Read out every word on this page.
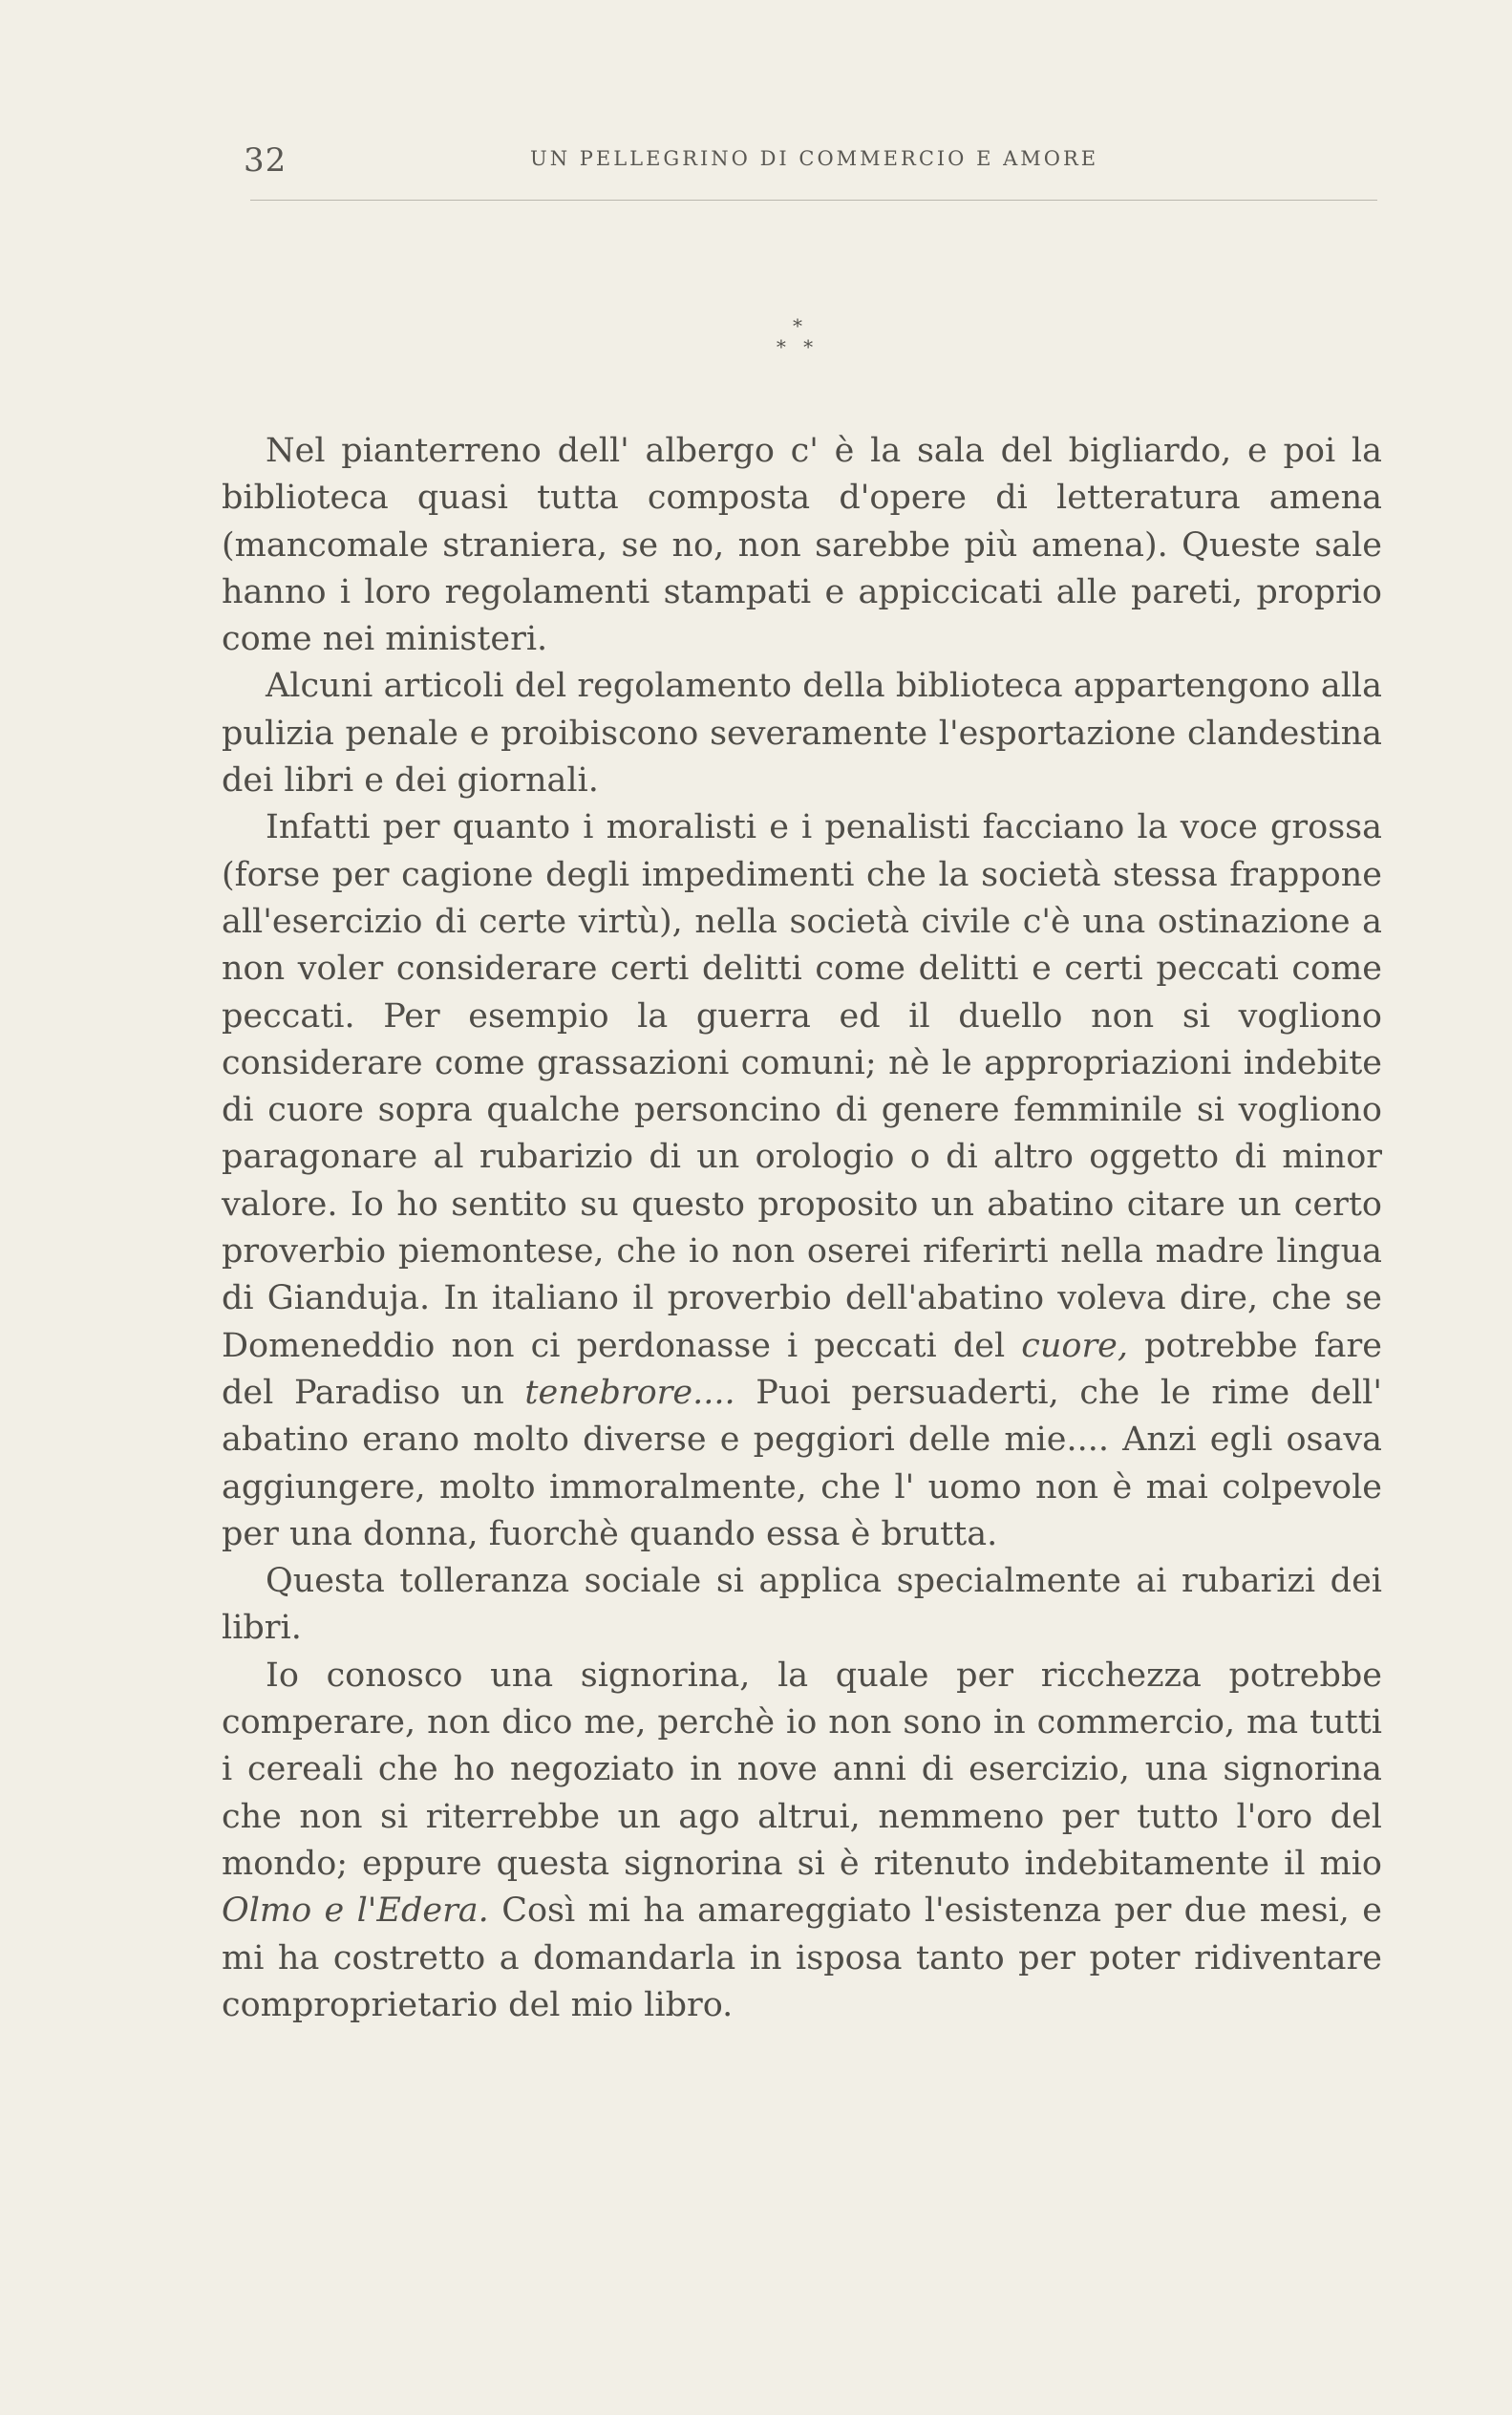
32	UN PELLEGRINO DI COMMERCIO E AMORE
*
* *

Nel pianterreno dell' albergo c' è la sala del bigliardo, e poi la biblioteca quasi tutta composta d'opere di letteratura amena (mancomale straniera, se no, non sarebbe più amena). Queste sale hanno i loro regolamenti stampati e appiccicati alle pareti, proprio come nei ministeri.

Alcuni articoli del regolamento della biblioteca appartengono alla pulizia penale e proibiscono severamente l'esportazione clandestina dei libri e dei giornali.

Infatti per quanto i moralisti e i penalisti facciano la voce grossa (forse per cagione degli impedimenti che la società stessa frappone all'esercizio di certe virtù), nella società civile c'è una ostinazione a non voler considerare certi delitti come delitti e certi peccati come peccati. Per esempio la guerra ed il duello non si vogliono considerare come grassazioni comuni; nè le appropriazioni indebite di cuore sopra qualche personcino di genere femminile si vogliono paragonare al rubarizio di un orologio o di altro oggetto di minor valore. Io ho sentito su questo proposito un abatino citare un certo proverbio piemontese, che io non oserei riferirti nella madre lingua di Gianduja. In italiano il proverbio dell'abatino voleva dire, che se Domeneddio non ci perdonasse i peccati del cuore, potrebbe fare del Paradiso un tenebrore.... Puoi persuaderti, che le rime dell' abatino erano molto diverse e peggiori delle mie.... Anzi egli osava aggiungere, molto immoralmente, che l' uomo non è mai colpevole per una donna, fuorchè quando essa è brutta.

Questa tolleranza sociale si applica specialmente ai rubarizi dei libri.

Io conosco una signorina, la quale per ricchezza potrebbe comperare, non dico me, perchè io non sono in commercio, ma tutti i cereali che ho negoziato in nove anni di esercizio, una signorina che non si riterrebbe un ago altrui, nemmeno per tutto l'oro del mondo; eppure questa signorina si è ritenuto indebitamente il mio Olmo e l'Edera. Così mi ha amareggiato l'esistenza per due mesi, e mi ha costretto a domandarla in isposa tanto per poter ridiventare comproprietario del mio libro.
